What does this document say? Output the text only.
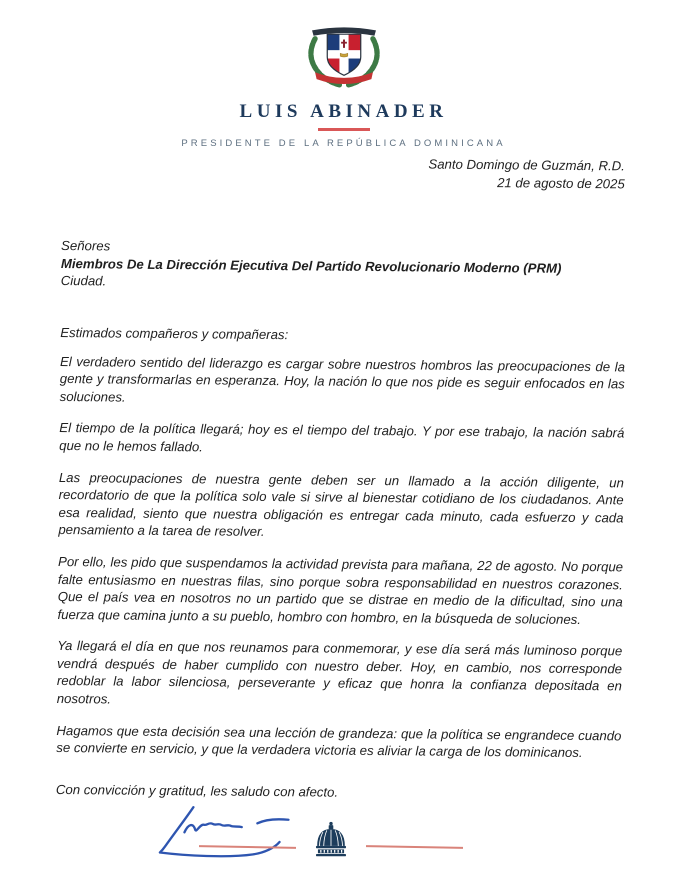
LUIS ABINADER
PRESIDENTE DE LA REPÚBLICA DOMINICANA
Santo Domingo de Guzmán, R.D.
21 de agosto de 2025
Señores
Miembros De La Dirección Ejecutiva Del Partido Revolucionario Moderno (PRM)
Ciudad.
Estimados compañeros y compañeras:

El verdadero sentido del liderazgo es cargar sobre nuestros hombros las preocupaciones de la gente y transformarlas en esperanza. Hoy, la nación lo que nos pide es seguir enfocados en las soluciones.

El tiempo de la política llegará; hoy es el tiempo del trabajo. Y por ese trabajo, la nación sabrá que no le hemos fallado.

Las preocupaciones de nuestra gente deben ser un llamado a la acción diligente, un recordatorio de que la política solo vale si sirve al bienestar cotidiano de los ciudadanos. Ante esa realidad, siento que nuestra obligación es entregar cada minuto, cada esfuerzo y cada pensamiento a la tarea de resolver.

Por ello, les pido que suspendamos la actividad prevista para mañana, 22 de agosto. No porque falte entusiasmo en nuestras filas, sino porque sobra responsabilidad en nuestros corazones. Que el país vea en nosotros no un partido que se distrae en medio de la dificultad, sino una fuerza que camina junto a su pueblo, hombro con hombro, en la búsqueda de soluciones.

Ya llegará el día en que nos reunamos para conmemorar, y ese día será más luminoso porque vendrá después de haber cumplido con nuestro deber. Hoy, en cambio, nos corresponde redoblar la labor silenciosa, perseverante y eficaz que honra la confianza depositada en nosotros.

Hagamos que esta decisión sea una lección de grandeza: que la política se engrandece cuando se convierte en servicio, y que la verdadera victoria es aliviar la carga de los dominicanos.

Con convicción y gratitud, les saludo con afecto.
